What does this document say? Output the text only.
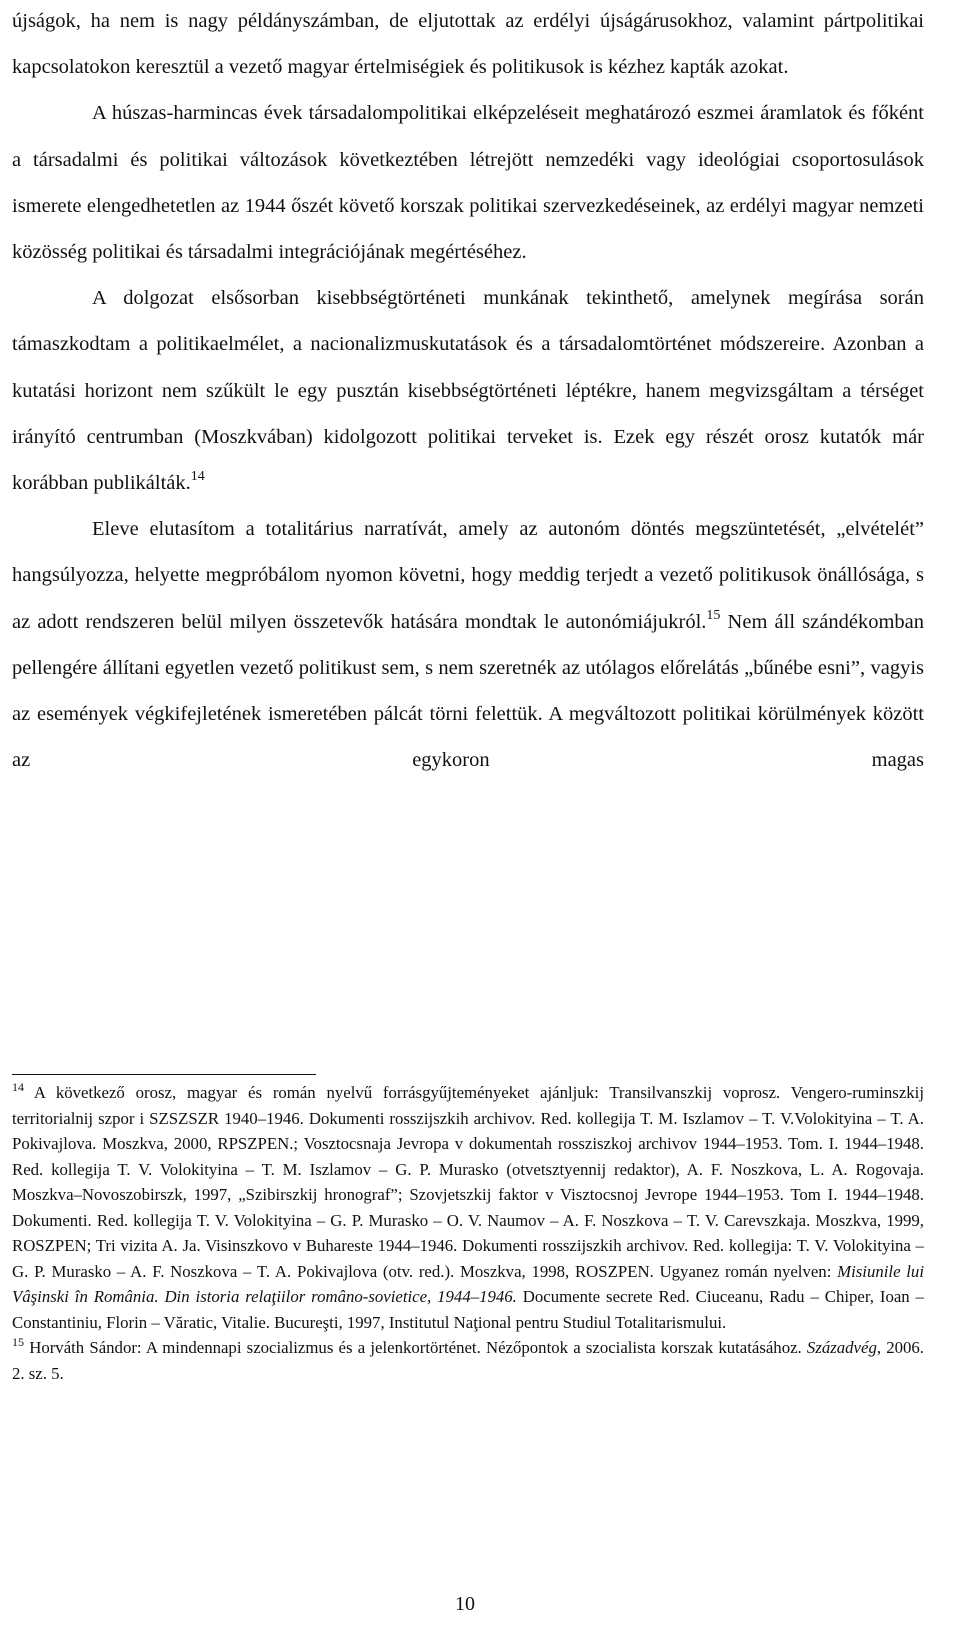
újságok, ha nem is nagy példányszámban, de eljutottak az erdélyi újságárusokhoz, valamint pártpolitikai kapcsolatokon keresztül a vezető magyar értelmiségiek és politikusok is kézhez kapták azokat.

A húszas-harmincas évek társadalompolitikai elképzeléseit meghatározó eszmei áramlatok és főként a társadalmi és politikai változások következtében létrejött nemzedéki vagy ideológiai csoportosulások ismerete elengedhetetlen az 1944 őszét követő korszak politikai szervezkedéseinek, az erdélyi magyar nemzeti közösség politikai és társadalmi integrációjának megértéséhez.

A dolgozat elsősorban kisebbségtörténeti munkának tekinthető, amelynek megírása során támaszkodtam a politikaelmélet, a nacionalizmuskutatások és a társadalomtörténet módszereire. Azonban a kutatási horizont nem szűkült le egy pusztán kisebbségtörténeti léptékre, hanem megvizsgáltam a térséget irányító centrumban (Moszkvában) kidolgozott politikai terveket is. Ezek egy részét orosz kutatók már korábban publikálták.$^{14}$

Eleve elutasítom a totalitárius narratívát, amely az autonóm döntés megszüntetését, „elvételét” hangsúlyozza, helyette megpróbálom nyomon követni, hogy meddig terjedt a vezető politikusok önállósága, s az adott rendszeren belül milyen összetevők hatására mondtak le autonómiájukról.$^{15}$ Nem áll szándékomban pellengére állítani egyetlen vezető politikust sem, s nem szeretnék az utólagos előrelátás „bűnébe esni”, vagyis az események végkifejletének ismeretében pálcát törni felettük. A megváltozott politikai körülmények között az egykoron magas

$^{14}$ A következő orosz, magyar és román nyelvű forrásgyűjteményeket ajánljuk: Transilvanszkij voprosz. Vengero-ruminszkij territorialnij szpor i SZSZSZR 1940–1946. Dokumenti rosszijszkih archivov. Red. kollegija T. M. Iszlamov – T. V.Volokityina – T. A. Pokivajlova. Moszkva, 2000, RPSZPEN.; Vosztocsnaja Jevropa v dokumentah rossziszkoj archivov 1944–1953. Tom. I. 1944–1948. Red. kollegija T. V. Volokityina – T. M. Iszlamov – G. P. Murasko (otvetsztyennij redaktor), A. F. Noszkova, L. A. Rogovaja. Moszkva–Novoszobirszk, 1997, „Szibirszkij hronograf”; Szovjetszkij faktor v Visztocsnoj Jevrope 1944–1953. Tom I. 1944–1948. Dokumenti. Red. kollegija T. V. Volokityina – G. P. Murasko – O. V. Naumov – A. F. Noszkova – T. V. Carevszkaja. Moszkva, 1999, ROSZPEN; Tri vizita A. Ja. Visinszkovo v Buhareste 1944–1946. Dokumenti rosszijszkih archivov. Red. kollegija: T. V. Volokityina – G. P. Murasko – A. F. Noszkova – T. A. Pokivajlova (otv. red.). Moszkva, 1998, ROSZPEN. Ugyanez román nyelven: Misiunile lui Vâşinski în România. Din istoria relaţiilor româno-sovietice, 1944–1946. Documente secrete Red. Ciuceanu, Radu – Chiper, Ioan – Constantiniu, Florin – Văratic, Vitalie. Bucureşti, 1997, Institutul Naţional pentru Studiul Totalitarismului.

$^{15}$ Horváth Sándor: A mindennapi szocializmus és a jelenkortörténet. Nézőpontok a szocialista korszak kutatásához. Századvég, 2006. 2. sz. 5.

10
